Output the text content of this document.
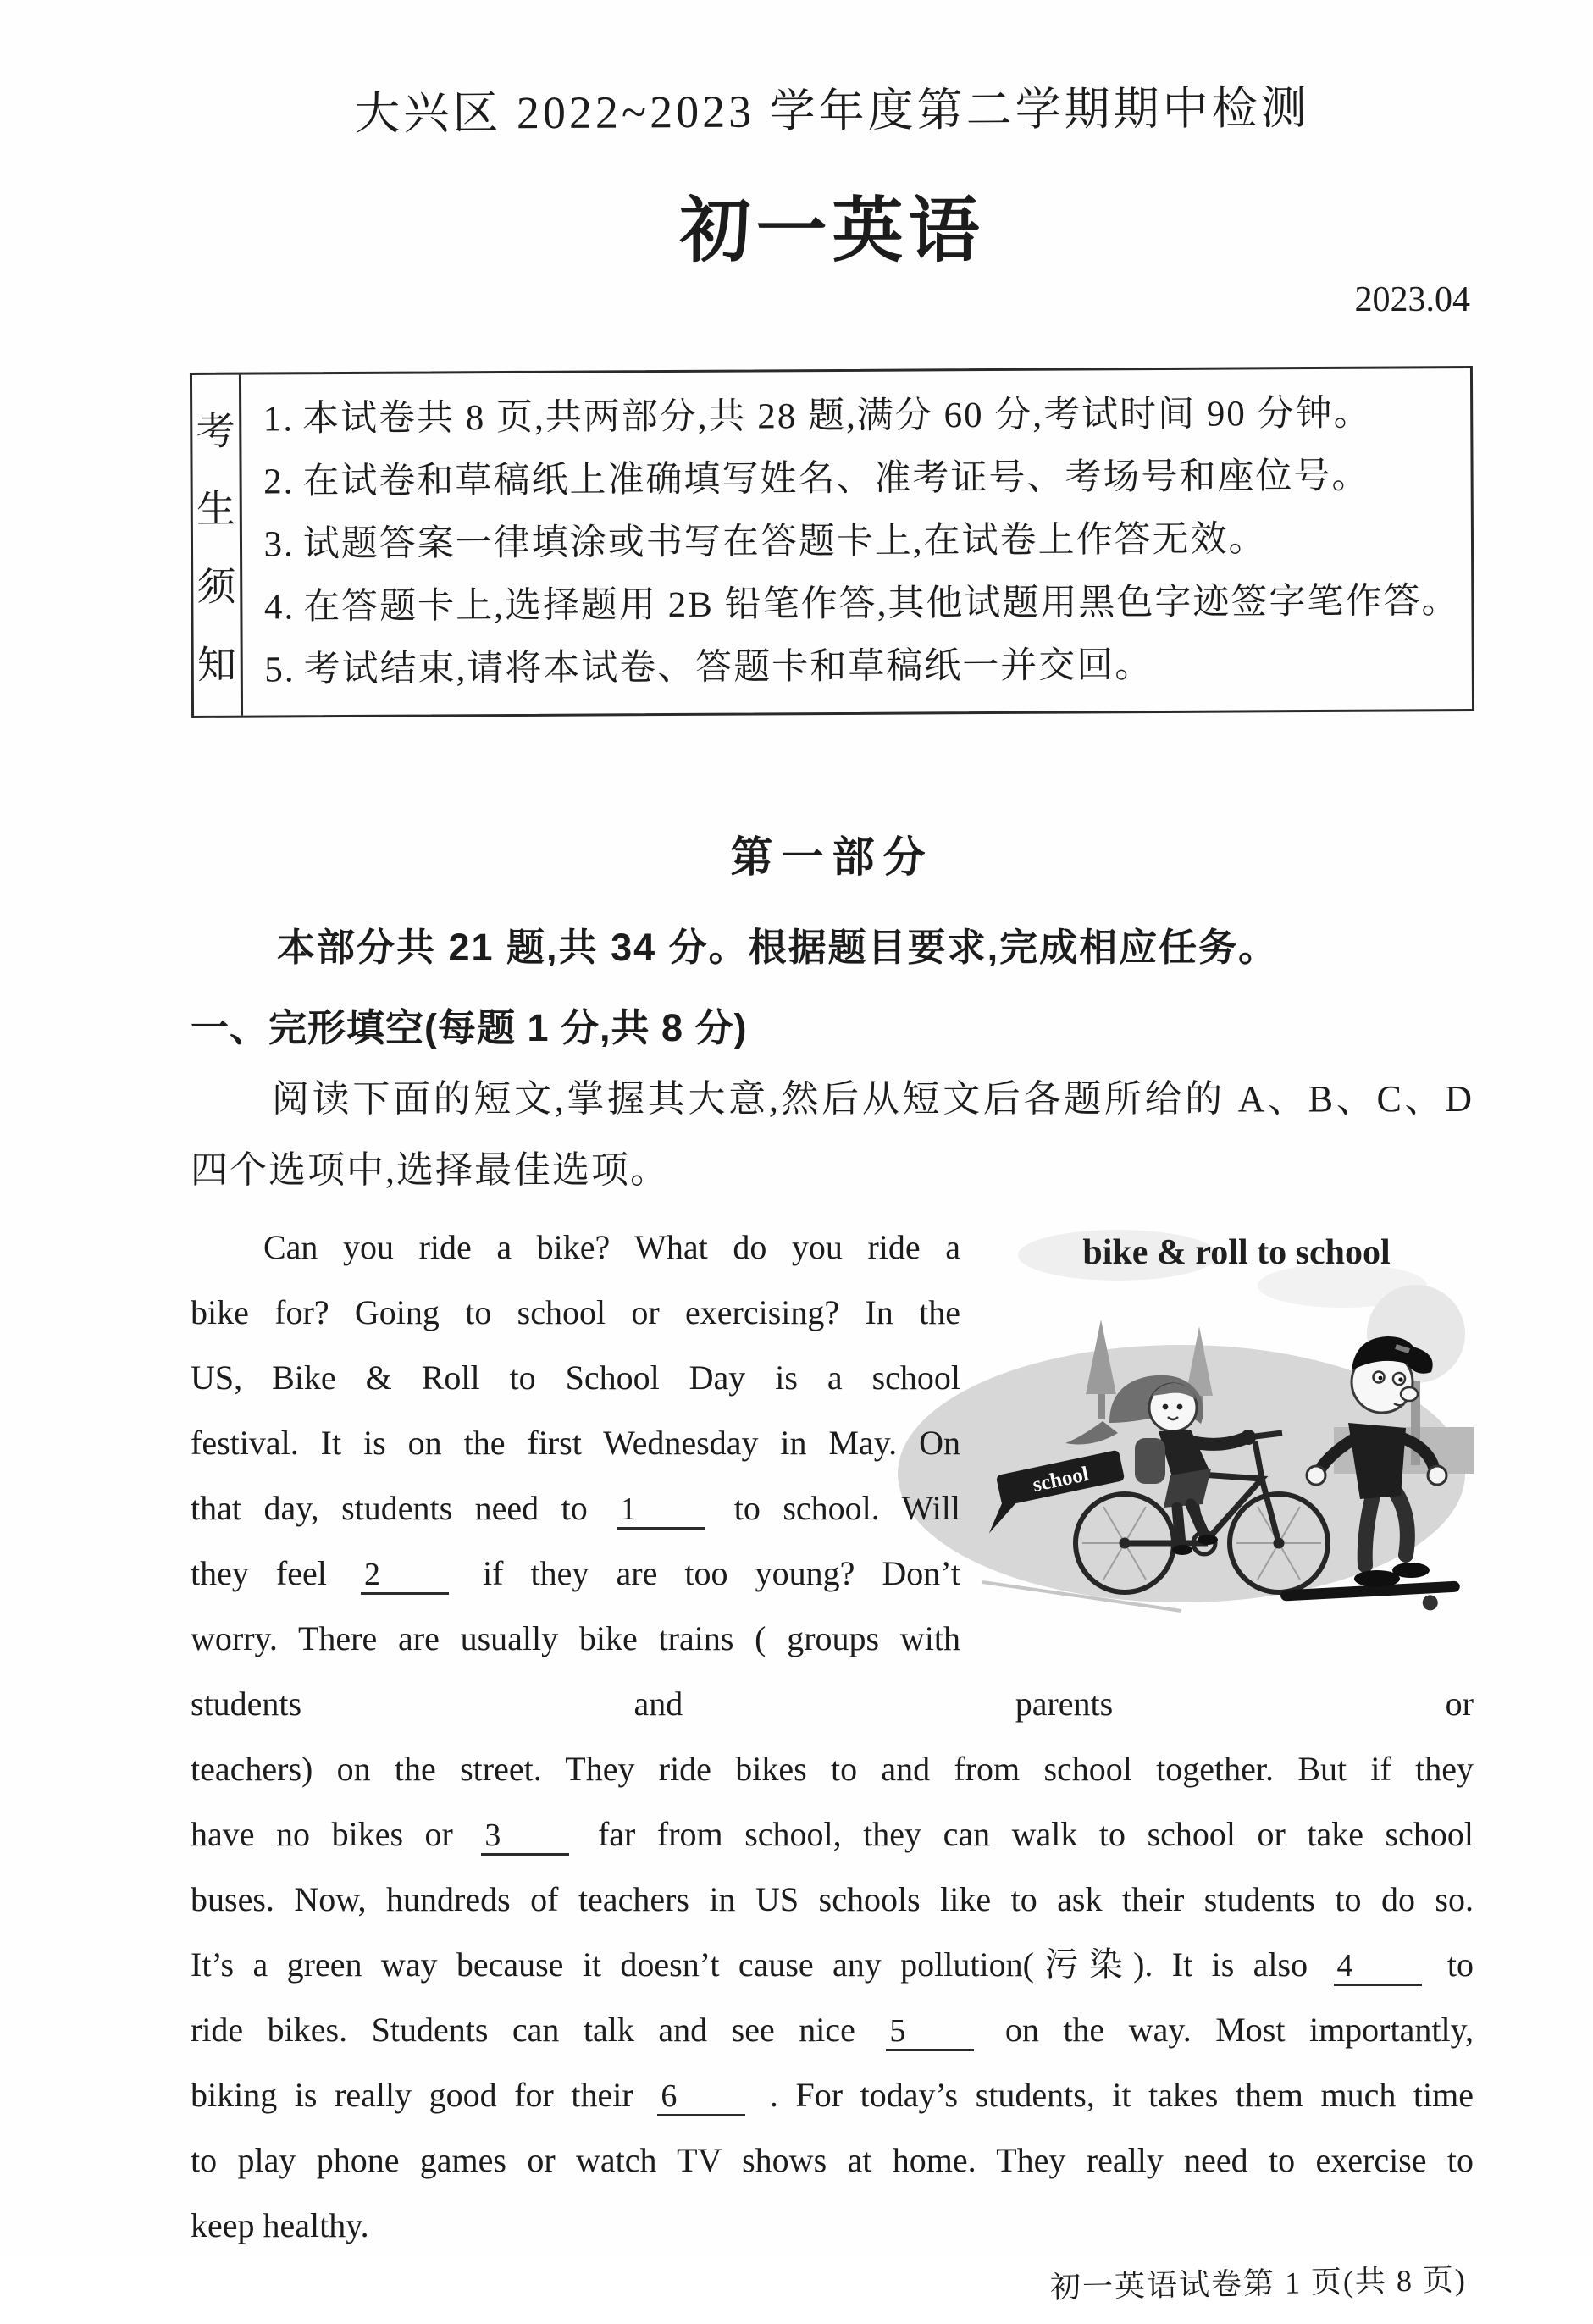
大兴区 2022~2023 学年度第二学期期中检测
初一英语
2023.04
考
生
须
知
1. 本试卷共 8 页,共两部分,共 28 题,满分 60 分,考试时间 90 分钟。
2. 在试卷和草稿纸上准确填写姓名、准考证号、考场号和座位号。
3. 试题答案一律填涂或书写在答题卡上,在试卷上作答无效。
4. 在答题卡上,选择题用 2B 铅笔作答,其他试题用黑色字迹签字笔作答。
5. 考试结束,请将本试卷、答题卡和草稿纸一并交回。
第一部分
本部分共 21 题,共 34 分。根据题目要求,完成相应任务。
一、完形填空(每题 1 分,共 8 分)
阅读下面的短文,掌握其大意,然后从短文后各题所给的 A、B、C、D 四个选项中,选择最佳选项。
bike & roll to school
school
Can you ride a bike? What do you ride a
bike for? Going to school or exercising? In the
US, Bike & Roll to School Day is a school
festival. It is on the first Wednesday in May. On
that day, students need to 1 to school. Will
they feel 2 if they are too young? Don’t
worry. There are usually bike trains ( groups with students and parents or
teachers) on the street. They ride bikes to and from school together. But if they
have no bikes or 3 far from school, they can walk to school or take school
buses. Now, hundreds of teachers in US schools like to ask their students to do so.
It’s a green way because it doesn’t cause any pollution(污染). It is also 4 to
ride bikes. Students can talk and see nice 5 on the way. Most importantly,
biking is really good for their 6 . For today’s students, it takes them much time
to play phone games or watch TV shows at home. They really need to exercise to
keep healthy.
初一英语试卷第 1 页(共 8 页)
